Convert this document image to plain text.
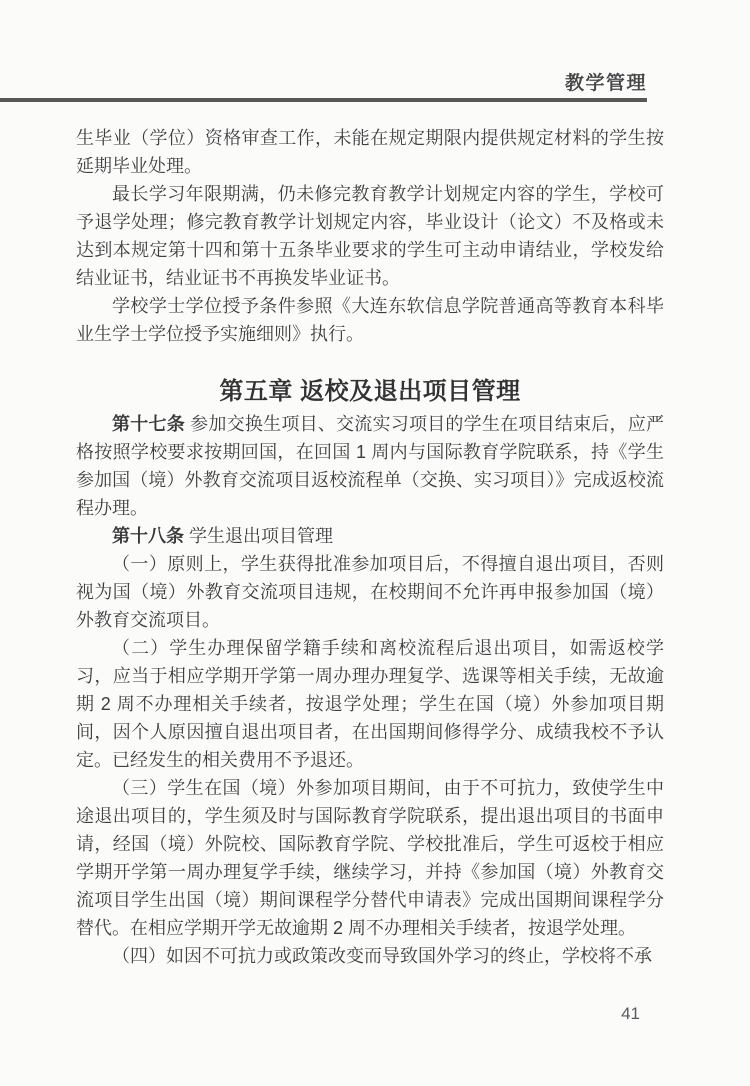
教学管理

生毕业（学位）资格审查工作，未能在规定期限内提供规定材料的学生按延期毕业处理。

最长学习年限期满，仍未修完教育教学计划规定内容的学生，学校可予退学处理；修完教育教学计划规定内容，毕业设计（论文）不及格或未达到本规定第十四和第十五条毕业要求的学生可主动申请结业，学校发给结业证书，结业证书不再换发毕业证书。

学校学士学位授予条件参照《大连东软信息学院普通高等教育本科毕业生学士学位授予实施细则》执行。

第五章 返校及退出项目管理

第十七条 参加交换生项目、交流实习项目的学生在项目结束后，应严格按照学校要求按期回国，在回国 1 周内与国际教育学院联系，持《学生参加国（境）外教育交流项目返校流程单（交换、实习项目）》完成返校流程办理。

第十八条 学生退出项目管理

（一）原则上，学生获得批准参加项目后，不得擅自退出项目，否则视为国（境）外教育交流项目违规，在校期间不允许再申报参加国（境）外教育交流项目。

（二）学生办理保留学籍手续和离校流程后退出项目，如需返校学习，应当于相应学期开学第一周办理办理复学、选课等相关手续，无故逾期 2 周不办理相关手续者，按退学处理；学生在国（境）外参加项目期间，因个人原因擅自退出项目者，在出国期间修得学分、成绩我校不予认定。已经发生的相关费用不予退还。

（三）学生在国（境）外参加项目期间，由于不可抗力，致使学生中途退出项目的，学生须及时与国际教育学院联系，提出退出项目的书面申请，经国（境）外院校、国际教育学院、学校批准后，学生可返校于相应学期开学第一周办理复学手续，继续学习，并持《参加国（境）外教育交流项目学生出国（境）期间课程学分替代申请表》完成出国期间课程学分替代。在相应学期开学无故逾期 2 周不办理相关手续者，按退学处理。

（四）如因不可抗力或政策改变而导致国外学习的终止，学校将不承

41
